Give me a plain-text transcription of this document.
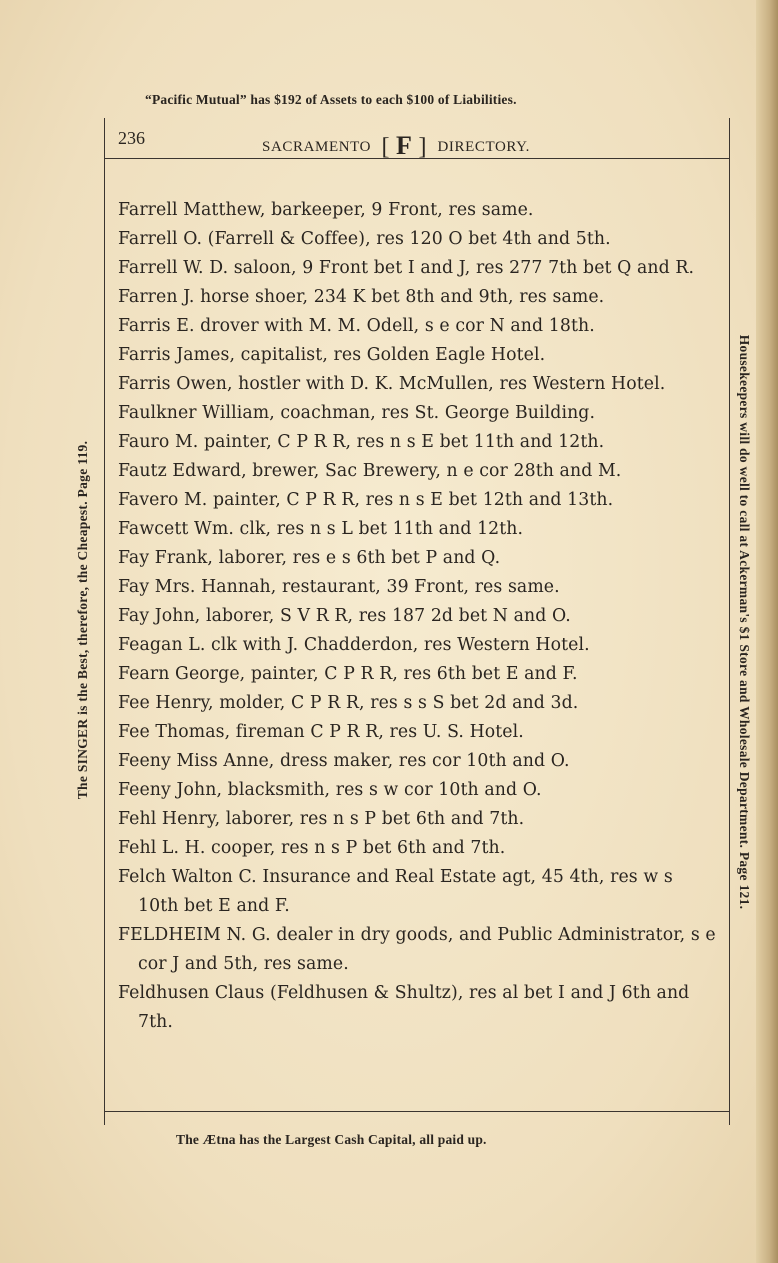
“Pacific Mutual” has $192 of Assets to each $100 of Liabilities.
236	SACRAMENTO [ F ] DIRECTORY.
The SINGER is the Best, therefore, the Cheapest. Page 119.	Housekeepers will do well to call at Ackerman's $1 Store and Wholesale Department. Page 121.
Farrell Matthew, barkeeper, 9 Front, res same.
Farrell O. (Farrell & Coffee), res 120 O bet 4th and 5th.
Farrell W. D. saloon, 9 Front bet I and J, res 277 7th bet Q and R.
Farren J. horse shoer, 234 K bet 8th and 9th, res same.
Farris E. drover with M. M. Odell, s e cor N and 18th.
Farris James, capitalist, res Golden Eagle Hotel.
Farris Owen, hostler with D. K. McMullen, res Western Hotel.
Faulkner William, coachman, res St. George Building.
Fauro M. painter, C P R R, res n s E bet 11th and 12th.
Fautz Edward, brewer, Sac Brewery, n e cor 28th and M.
Favero M. painter, C P R R, res n s E bet 12th and 13th.
Fawcett Wm. clk, res n s L bet 11th and 12th.
Fay Frank, laborer, res e s 6th bet P and Q.
Fay Mrs. Hannah, restaurant, 39 Front, res same.
Fay John, laborer, S V R R, res 187 2d bet N and O.
Feagan L. clk with J. Chadderdon, res Western Hotel.
Fearn George, painter, C P R R, res 6th bet E and F.
Fee Henry, molder, C P R R, res s s S bet 2d and 3d.
Fee Thomas, fireman C P R R, res U. S. Hotel.
Feeny Miss Anne, dress maker, res cor 10th and O.
Feeny John, blacksmith, res s w cor 10th and O.
Fehl Henry, laborer, res n s P bet 6th and 7th.
Fehl L. H. cooper, res n s P bet 6th and 7th.
Felch Walton C. Insurance and Real Estate agt, 45 4th, res w s 10th bet E and F.
FELDHEIM N. G. dealer in dry goods, and Public Administrator, s e cor J and 5th, res same.
Feldhusen Claus (Feldhusen & Shultz), res al bet I and J 6th and 7th.
The Ætna has the Largest Cash Capital, all paid up.
